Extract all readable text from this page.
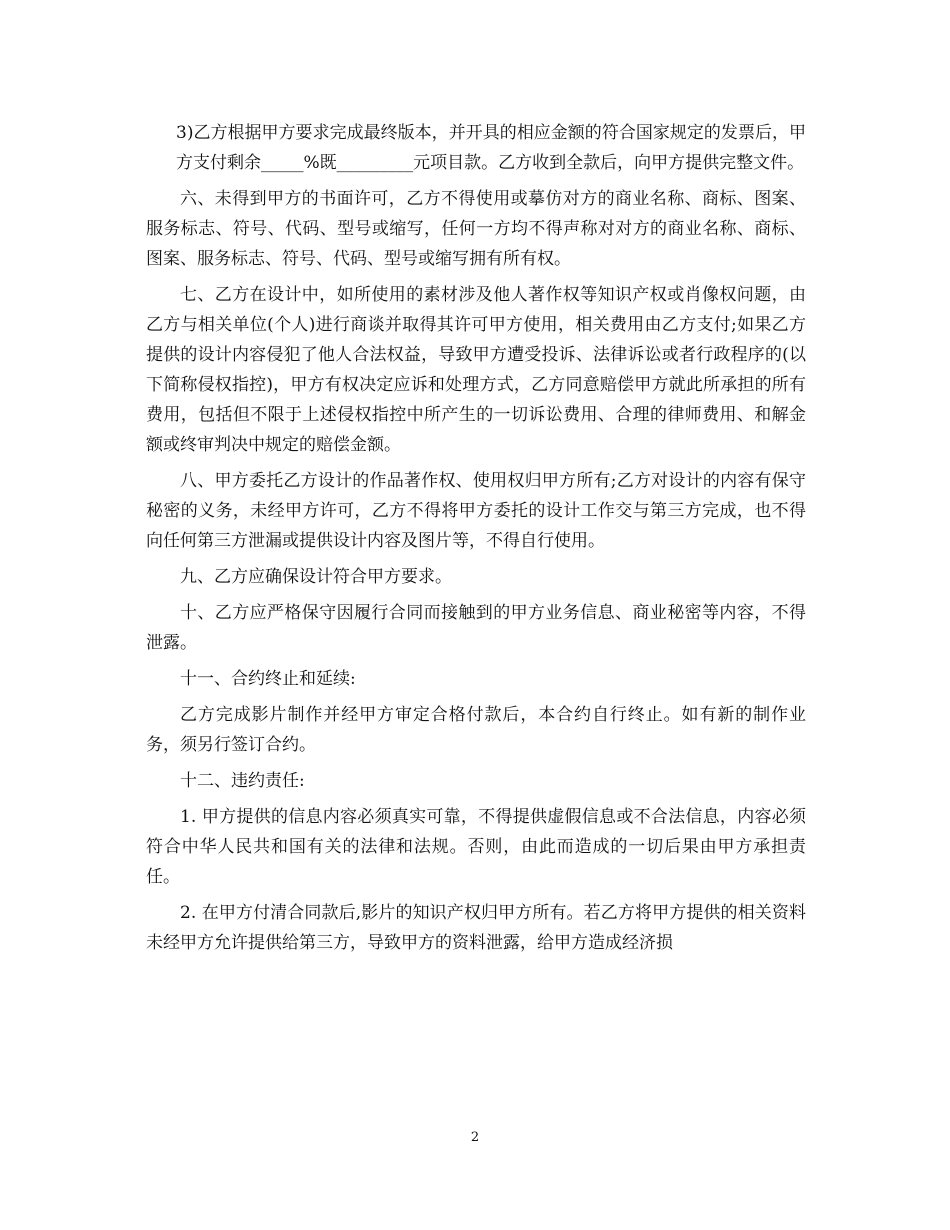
3)乙方根据甲方要求完成最终版本，并开具的相应金额的符合国家规定的发票后，甲方支付剩余_____%既_________元项目款。乙方收到全款后，向甲方提供完整文件。

六、未得到甲方的书面许可，乙方不得使用或摹仿对方的商业名称、商标、图案、服务标志、符号、代码、型号或缩写，任何一方均不得声称对对方的商业名称、商标、图案、服务标志、符号、代码、型号或缩写拥有所有权。

七、乙方在设计中，如所使用的素材涉及他人著作权等知识产权或肖像权问题，由乙方与相关单位(个人)进行商谈并取得其许可甲方使用，相关费用由乙方支付;如果乙方提供的设计内容侵犯了他人合法权益，导致甲方遭受投诉、法律诉讼或者行政程序的(以下简称侵权指控)，甲方有权决定应诉和处理方式，乙方同意赔偿甲方就此所承担的所有费用，包括但不限于上述侵权指控中所产生的一切诉讼费用、合理的律师费用、和解金额或终审判决中规定的赔偿金额。

八、甲方委托乙方设计的作品著作权、使用权归甲方所有;乙方对设计的内容有保守秘密的义务，未经甲方许可，乙方不得将甲方委托的设计工作交与第三方完成，也不得向任何第三方泄漏或提供设计内容及图片等，不得自行使用。

九、乙方应确保设计符合甲方要求。

十、乙方应严格保守因履行合同而接触到的甲方业务信息、商业秘密等内容，不得泄露。

十一、合约终止和延续:

乙方完成影片制作并经甲方审定合格付款后，本合约自行终止。如有新的制作业务，须另行签订合约。

十二、违约责任:

1. 甲方提供的信息内容必须真实可靠，不得提供虚假信息或不合法信息，内容必须符合中华人民共和国有关的法律和法规。否则，由此而造成的一切后果由甲方承担责任。

2. 在甲方付清合同款后,影片的知识产权归甲方所有。若乙方将甲方提供的相关资料未经甲方允许提供给第三方，导致甲方的资料泄露，给甲方造成经济损

2
